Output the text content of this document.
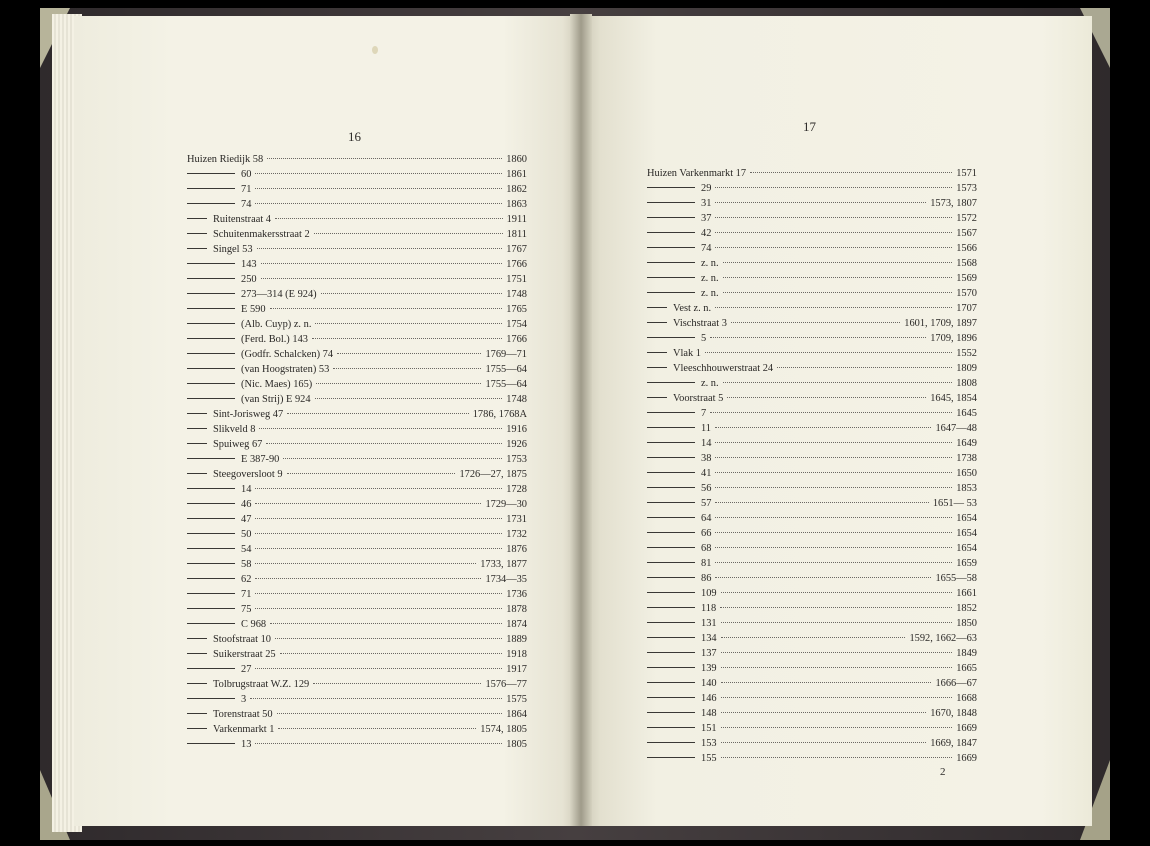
16
Huizen Riedijk 58	1860
60	1861
71	1862
74	1863
Ruitenstraat 4	1911
Schuitenmakersstraat 2	1811
Singel 53	1767
143	1766
250	1751
273—314 (E 924)	1748
E 590	1765
(Alb. Cuyp) z. n.	1754
(Ferd. Bol.) 143	1766
(Godfr. Schalcken) 74	1769—71
(van Hoogstraten) 53	1755—64
(Nic. Maes) 165)	1755—64
(van Strij) E 924	1748
Sint-Jorisweg 47	1786, 1768A
Slikveld 8	1916
Spuiweg 67	1926
E 387-90	1753
Steegoversloot 9	1726—27, 1875
14	1728
46	1729—30
47	1731
50	1732
54	1876
58	1733, 1877
62	1734—35
71	1736
75	1878
C 968	1874
Stoofstraat 10	1889
Suikerstraat 25	1918
27	1917
Tolbrugstraat W.Z. 129	1576—77
3	1575
Torenstraat 50	1864
Varkenmarkt 1	1574, 1805
13	1805
17
Huizen Varkenmarkt 17	1571
29	1573
31	1573, 1807
37	1572
42	1567
74	1566
z. n.	1568
z. n.	1569
z. n.	1570
Vest z. n.	1707
Vischstraat 3	1601, 1709, 1897
5	1709, 1896
Vlak 1	1552
Vleeschhouwerstraat 24	1809
z. n.	1808
Voorstraat 5	1645, 1854
7	1645
11	1647—48
14	1649
38	1738
41	1650
56	1853
57	1651— 53
64	1654
66	1654
68	1654
81	1659
86	1655—58
109	1661
118	1852
131	1850
134	1592, 1662—63
137	1849
139	1665
140	1666—67
146	1668
148	1670, 1848
151	1669
153	1669, 1847
155	1669
2
